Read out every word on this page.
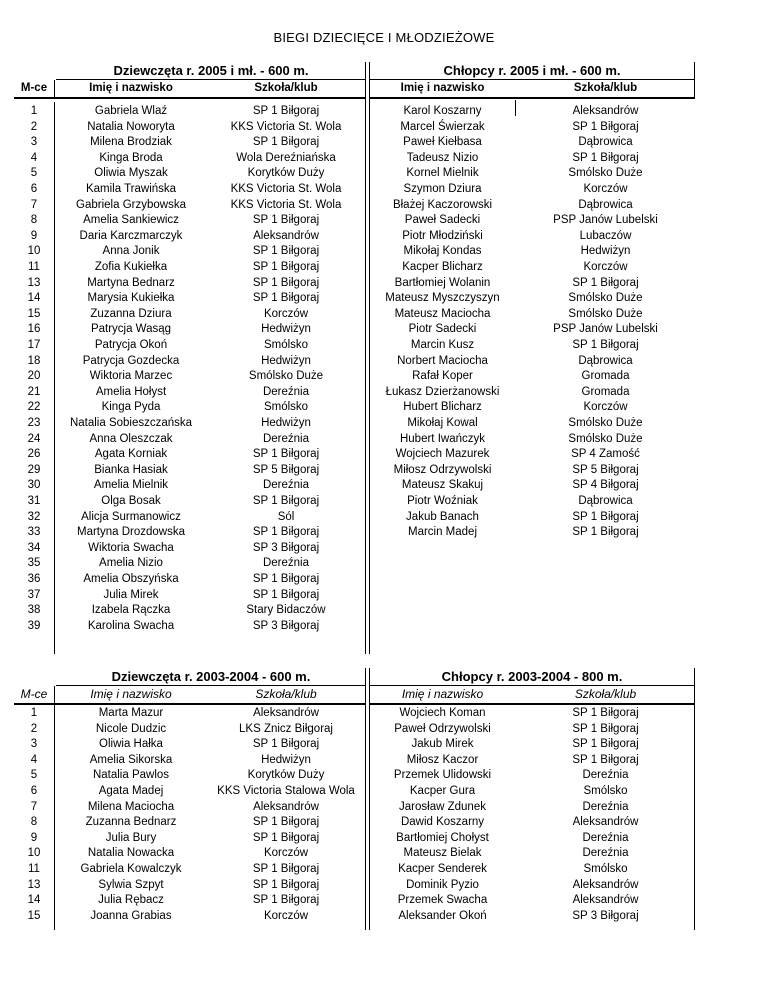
BIEGI DZIECIĘCE I MŁODZIEŻOWE
Dziewczęta r. 2005 i mł. - 600 m.	Chłopcy r. 2005 i mł. - 600 m.
M-ce	Imię i nazwisko	Szkoła/klub	Imię i nazwisko	Szkoła/klub
1	Gabriela Wlaź	SP 1 Biłgoraj	Karol Koszarny	Aleksandrów
2	Natalia Noworyta	KKS Victoria St. Wola	Marcel Świerzak	SP 1 Biłgoraj
3	Milena Brodziak	SP 1 Biłgoraj	Paweł Kiełbasa	Dąbrowica
4	Kinga Broda	Wola Dereźniańska	Tadeusz Nizio	SP 1 Biłgoraj
5	Oliwia Myszak	Korytków Duży	Kornel Mielnik	Smólsko Duże
6	Kamila Trawińska	KKS Victoria St. Wola	Szymon Dziura	Korczów
7	Gabriela Grzybowska	KKS Victoria St. Wola	Błażej Kaczorowski	Dąbrowica
8	Amelia Sankiewicz	SP 1 Biłgoraj	Paweł Sadecki	PSP Janów Lubelski
9	Daria Karczmarczyk	Aleksandrów	Piotr Młodziński	Lubaczów
10	Anna Jonik	SP 1 Biłgoraj	Mikołaj Kondas	Hedwiżyn
11	Zofia Kukiełka	SP 1 Biłgoraj	Kacper Blicharz	Korczów
13	Martyna Bednarz	SP 1 Biłgoraj	Bartłomiej Wolanin	SP 1 Biłgoraj
14	Marysia Kukiełka	SP 1 Biłgoraj	Mateusz Myszczyszyn	Smólsko Duże
15	Zuzanna Dziura	Korczów	Mateusz Maciocha	Smólsko Duże
16	Patrycja Wasąg	Hedwiżyn	Piotr Sadecki	PSP Janów Lubelski
17	Patrycja Okoń	Smólsko	Marcin Kusz	SP 1 Biłgoraj
18	Patrycja Gozdecka	Hedwiżyn	Norbert Maciocha	Dąbrowica
20	Wiktoria Marzec	Smólsko Duże	Rafał Koper	Gromada
21	Amelia Hołyst	Dereźnia	Łukasz Dzierżanowski	Gromada
22	Kinga Pyda	Smólsko	Hubert Blicharz	Korczów
23	Natalia Sobieszczańska	Hedwiżyn	Mikołaj Kowal	Smólsko Duże
24	Anna Oleszczak	Dereźnia	Hubert Iwańczyk	Smólsko Duże
26	Agata Korniak	SP 1 Biłgoraj	Wojciech Mazurek	SP 4 Zamość
29	Bianka Hasiak	SP 5 Biłgoraj	Miłosz Odrzywolski	SP 5 Biłgoraj
30	Amelia Mielnik	Dereźnia	Mateusz Skakuj	SP 4 Biłgoraj
31	Olga Bosak	SP 1 Biłgoraj	Piotr Woźniak	Dąbrowica
32	Alicja Surmanowicz	Sól	Jakub Banach	SP 1 Biłgoraj
33	Martyna Drozdowska	SP 1 Biłgoraj	Marcin Madej	SP 1 Biłgoraj
34	Wiktoria Swacha	SP 3 Biłgoraj
35	Amelia Nizio	Dereźnia
36	Amelia Obszyńska	SP 1 Biłgoraj
37	Julia Mirek	SP 1 Biłgoraj
38	Izabela Rączka	Stary Bidaczów
39	Karolina Swacha	SP 3 Biłgoraj
Dziewczęta r. 2003-2004 - 600 m.	Chłopcy r. 2003-2004 - 800 m.
M-ce	Imię i nazwisko	Szkoła/klub	Imię i nazwisko	Szkoła/klub
1	Marta Mazur	Aleksandrów	Wojciech Koman	SP 1 Biłgoraj
2	Nicole Dudzic	LKS Znicz Biłgoraj	Paweł Odrzywolski	SP 1 Biłgoraj
3	Oliwia Hałka	SP 1 Biłgoraj	Jakub Mirek	SP 1 Biłgoraj
4	Amelia Sikorska	Hedwiżyn	Miłosz Kaczor	SP 1 Biłgoraj
5	Natalia Pawlos	Korytków Duży	Przemek Ulidowski	Dereźnia
6	Agata Madej	KKS Victoria Stalowa Wola	Kacper Gura	Smólsko
7	Milena Maciocha	Aleksandrów	Jarosław Zdunek	Dereźnia
8	Zuzanna Bednarz	SP 1 Biłgoraj	Dawid Koszarny	Aleksandrów
9	Julia Bury	SP 1 Biłgoraj	Bartłomiej Chołyst	Dereźnia
10	Natalia Nowacka	Korczów	Mateusz Bielak	Dereźnia
11	Gabriela Kowalczyk	SP 1 Biłgoraj	Kacper Senderek	Smólsko
13	Sylwia Szpyt	SP 1 Biłgoraj	Dominik Pyzio	Aleksandrów
14	Julia Rębacz	SP 1 Biłgoraj	Przemek Swacha	Aleksandrów
15	Joanna Grabias	Korczów	Aleksander Okoń	SP 3 Biłgoraj
